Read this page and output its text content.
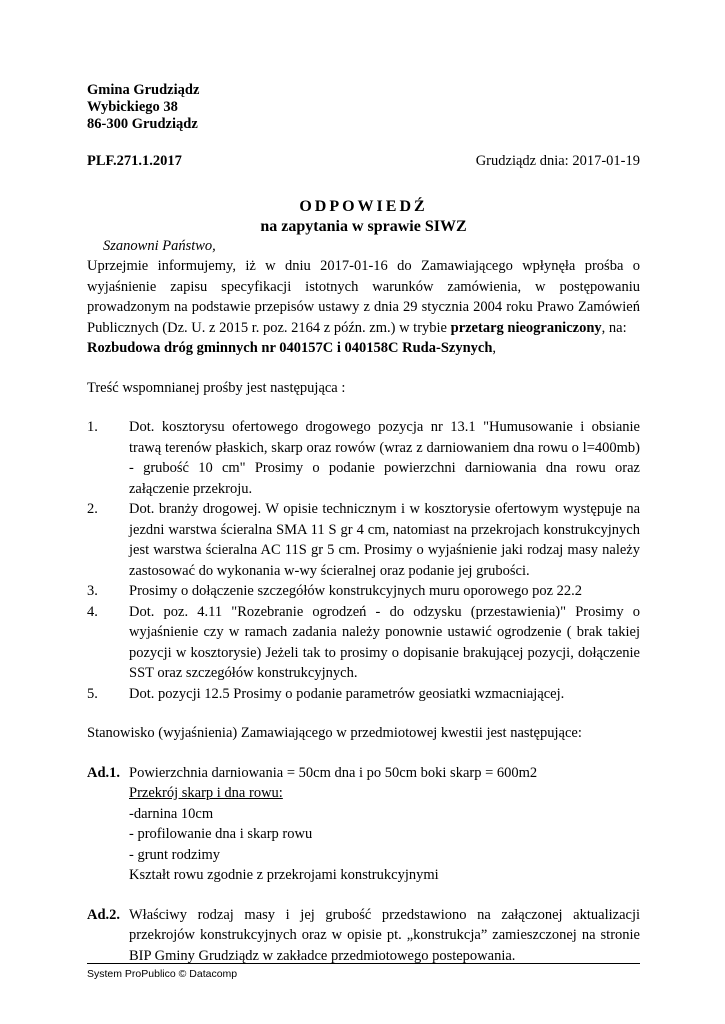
Gmina Grudziądz
Wybickiego 38
86-300 Grudziądz
PLF.271.1.2017	Grudziądz dnia: 2017-01-19
ODPOWIEDŹ
na zapytania w sprawie SIWZ
Szanowni Państwo,

Uprzejmie informujemy, iż w dniu 2017-01-16 do Zamawiającego wpłynęła prośba o wyjaśnienie zapisu specyfikacji istotnych warunków zamówienia, w postępowaniu prowadzonym na podstawie przepisów ustawy z dnia 29 stycznia 2004 roku Prawo Zamówień Publicznych (Dz. U. z 2015 r. poz. 2164 z późn. zm.) w trybie przetarg nieograniczony, na:
Rozbudowa dróg gminnych nr 040157C i 040158C Ruda-Szynych,

Treść wspomnianej prośby jest następująca :

1.	Dot. kosztorysu ofertowego drogowego pozycja nr 13.1 "Humusowanie i obsianie trawą terenów płaskich, skarp oraz rowów (wraz z darniowaniem dna rowu o l=400mb) - grubość 10 cm" Prosimy o podanie powierzchni darniowania dna rowu oraz załączenie przekroju.
2.	Dot. branży drogowej. W opisie technicznym i w kosztorysie ofertowym występuje na jezdni warstwa ścieralna SMA 11 S gr 4 cm, natomiast na przekrojach konstrukcyjnych jest warstwa ścieralna AC 11S gr 5 cm. Prosimy o wyjaśnienie jaki rodzaj masy należy zastosować do wykonania w-wy ścieralnej oraz podanie jej grubości.
3.	Prosimy o dołączenie szczegółów konstrukcyjnych muru oporowego poz 22.2
4.	Dot. poz. 4.11 "Rozebranie ogrodzeń - do odzysku (przestawienia)" Prosimy o wyjaśnienie czy w ramach zadania należy ponownie ustawić ogrodzenie ( brak takiej pozycji w kosztorysie) Jeżeli tak to prosimy o dopisanie brakującej pozycji, dołączenie SST oraz szczegółów konstrukcyjnych.
5.	Dot. pozycji 12.5 Prosimy o podanie parametrów geosiatki wzmacniającej.

Stanowisko (wyjaśnienia) Zamawiającego w przedmiotowej kwestii jest następujące:

Ad.1. Powierzchnia darniowania = 50cm dna i po 50cm boki skarp = 600m2
Przekrój skarp i dna rowu:
-darnina 10cm
- profilowanie dna i skarp rowu
- grunt rodzimy
Kształt rowu zgodnie z przekrojami konstrukcyjnymi
Ad.2. Właściwy rodzaj masy i jej grubość przedstawiono na załączonej aktualizacji przekrojów konstrukcyjnych oraz w opisie pt. „konstrukcja” zamieszczonej na stronie BIP Gminy Grudziądz w zakładce przedmiotowego postepowania.
System ProPublico © Datacomp
